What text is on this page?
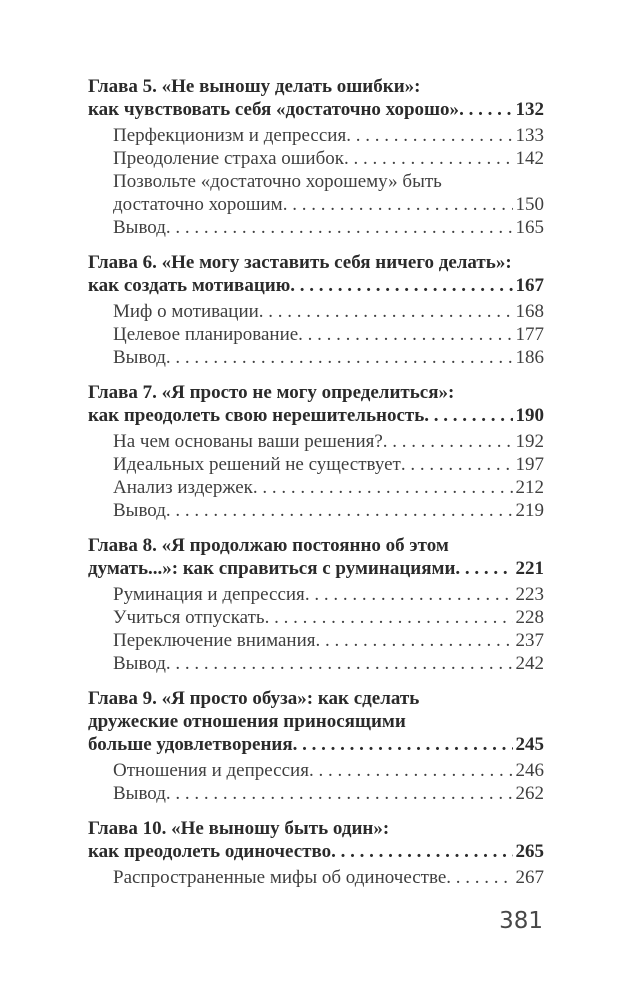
Глава 5. «Не выношу делать ошибки»:
как чувствовать себя «достаточно хорошо» . . .	132
Перфекционизм и депрессия . . .	133
Преодоление страха ошибок . . .	142
Позвольте «достаточно хорошему» быть
достаточно хорошим . . .	150
Вывод . . .	165
Глава 6. «Не могу заставить себя ничего делать»:
как создать мотивацию . . .	167
Миф о мотивации . . .	168
Целевое планирование . . .	177
Вывод . . .	186
Глава 7. «Я просто не могу определиться»:
как преодолеть свою нерешительность . . .	190
На чем основаны ваши решения? . . .	192
Идеальных решений не существует . . .	197
Анализ издержек . . .	212
Вывод . . .	219
Глава 8. «Я продолжаю постоянно об этом
думать...»: как справиться с руминациями . . .	221
Руминация и депрессия . . .	223
Учиться отпускать . . .	228
Переключение внимания . . .	237
Вывод . . .	242
Глава 9. «Я просто обуза»: как сделать
дружеские отношения приносящими
больше удовлетворения . . .	245
Отношения и депрессия . . .	246
Вывод . . .	262
Глава 10. «Не выношу быть один»:
как преодолеть одиночество . . .	265
Распространенные мифы об одиночестве . . .	267
381
